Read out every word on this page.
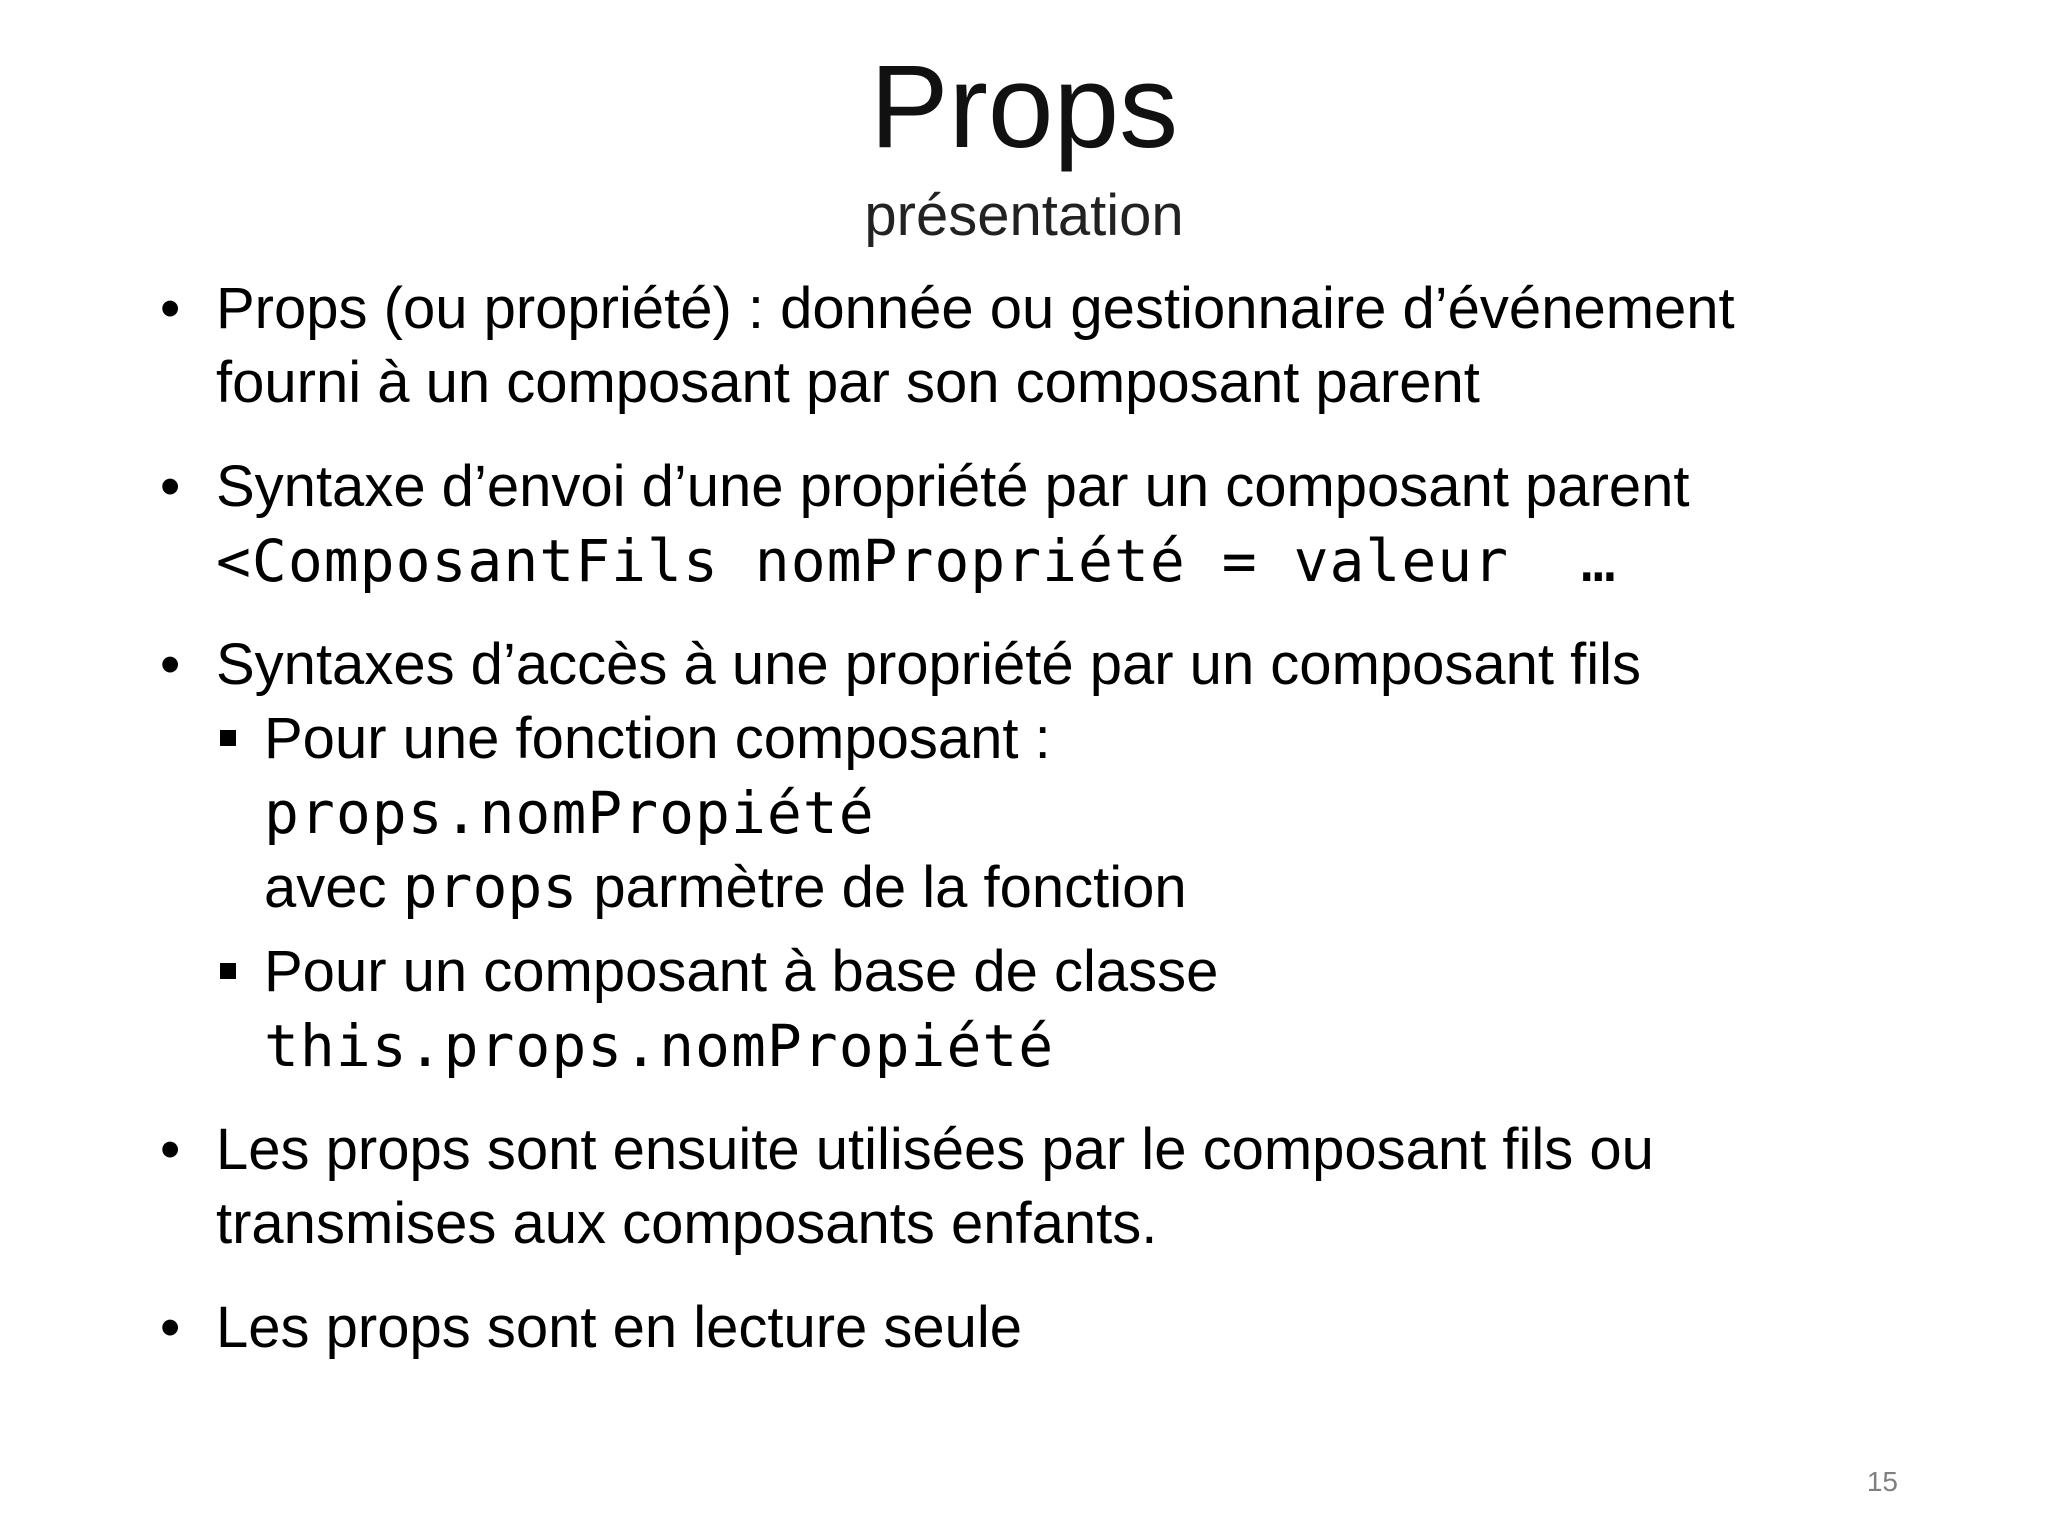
Props
présentation
• Props (ou propriété) : donnée ou gestionnaire d’événement
fourni à un composant par son composant parent
• Syntaxe d’envoi d’une propriété par un composant parent
<ComposantFils nomPropriété = valeur  …
• Syntaxes d’accès à une propriété par un composant fils
Pour une fonction composant :
props.nomPropiété
avec props parmètre de la fonction
Pour un composant à base de classe
this.props.nomPropiété
• Les props sont ensuite utilisées par le composant fils ou
transmises aux composants enfants.
• Les props sont en lecture seule
15
